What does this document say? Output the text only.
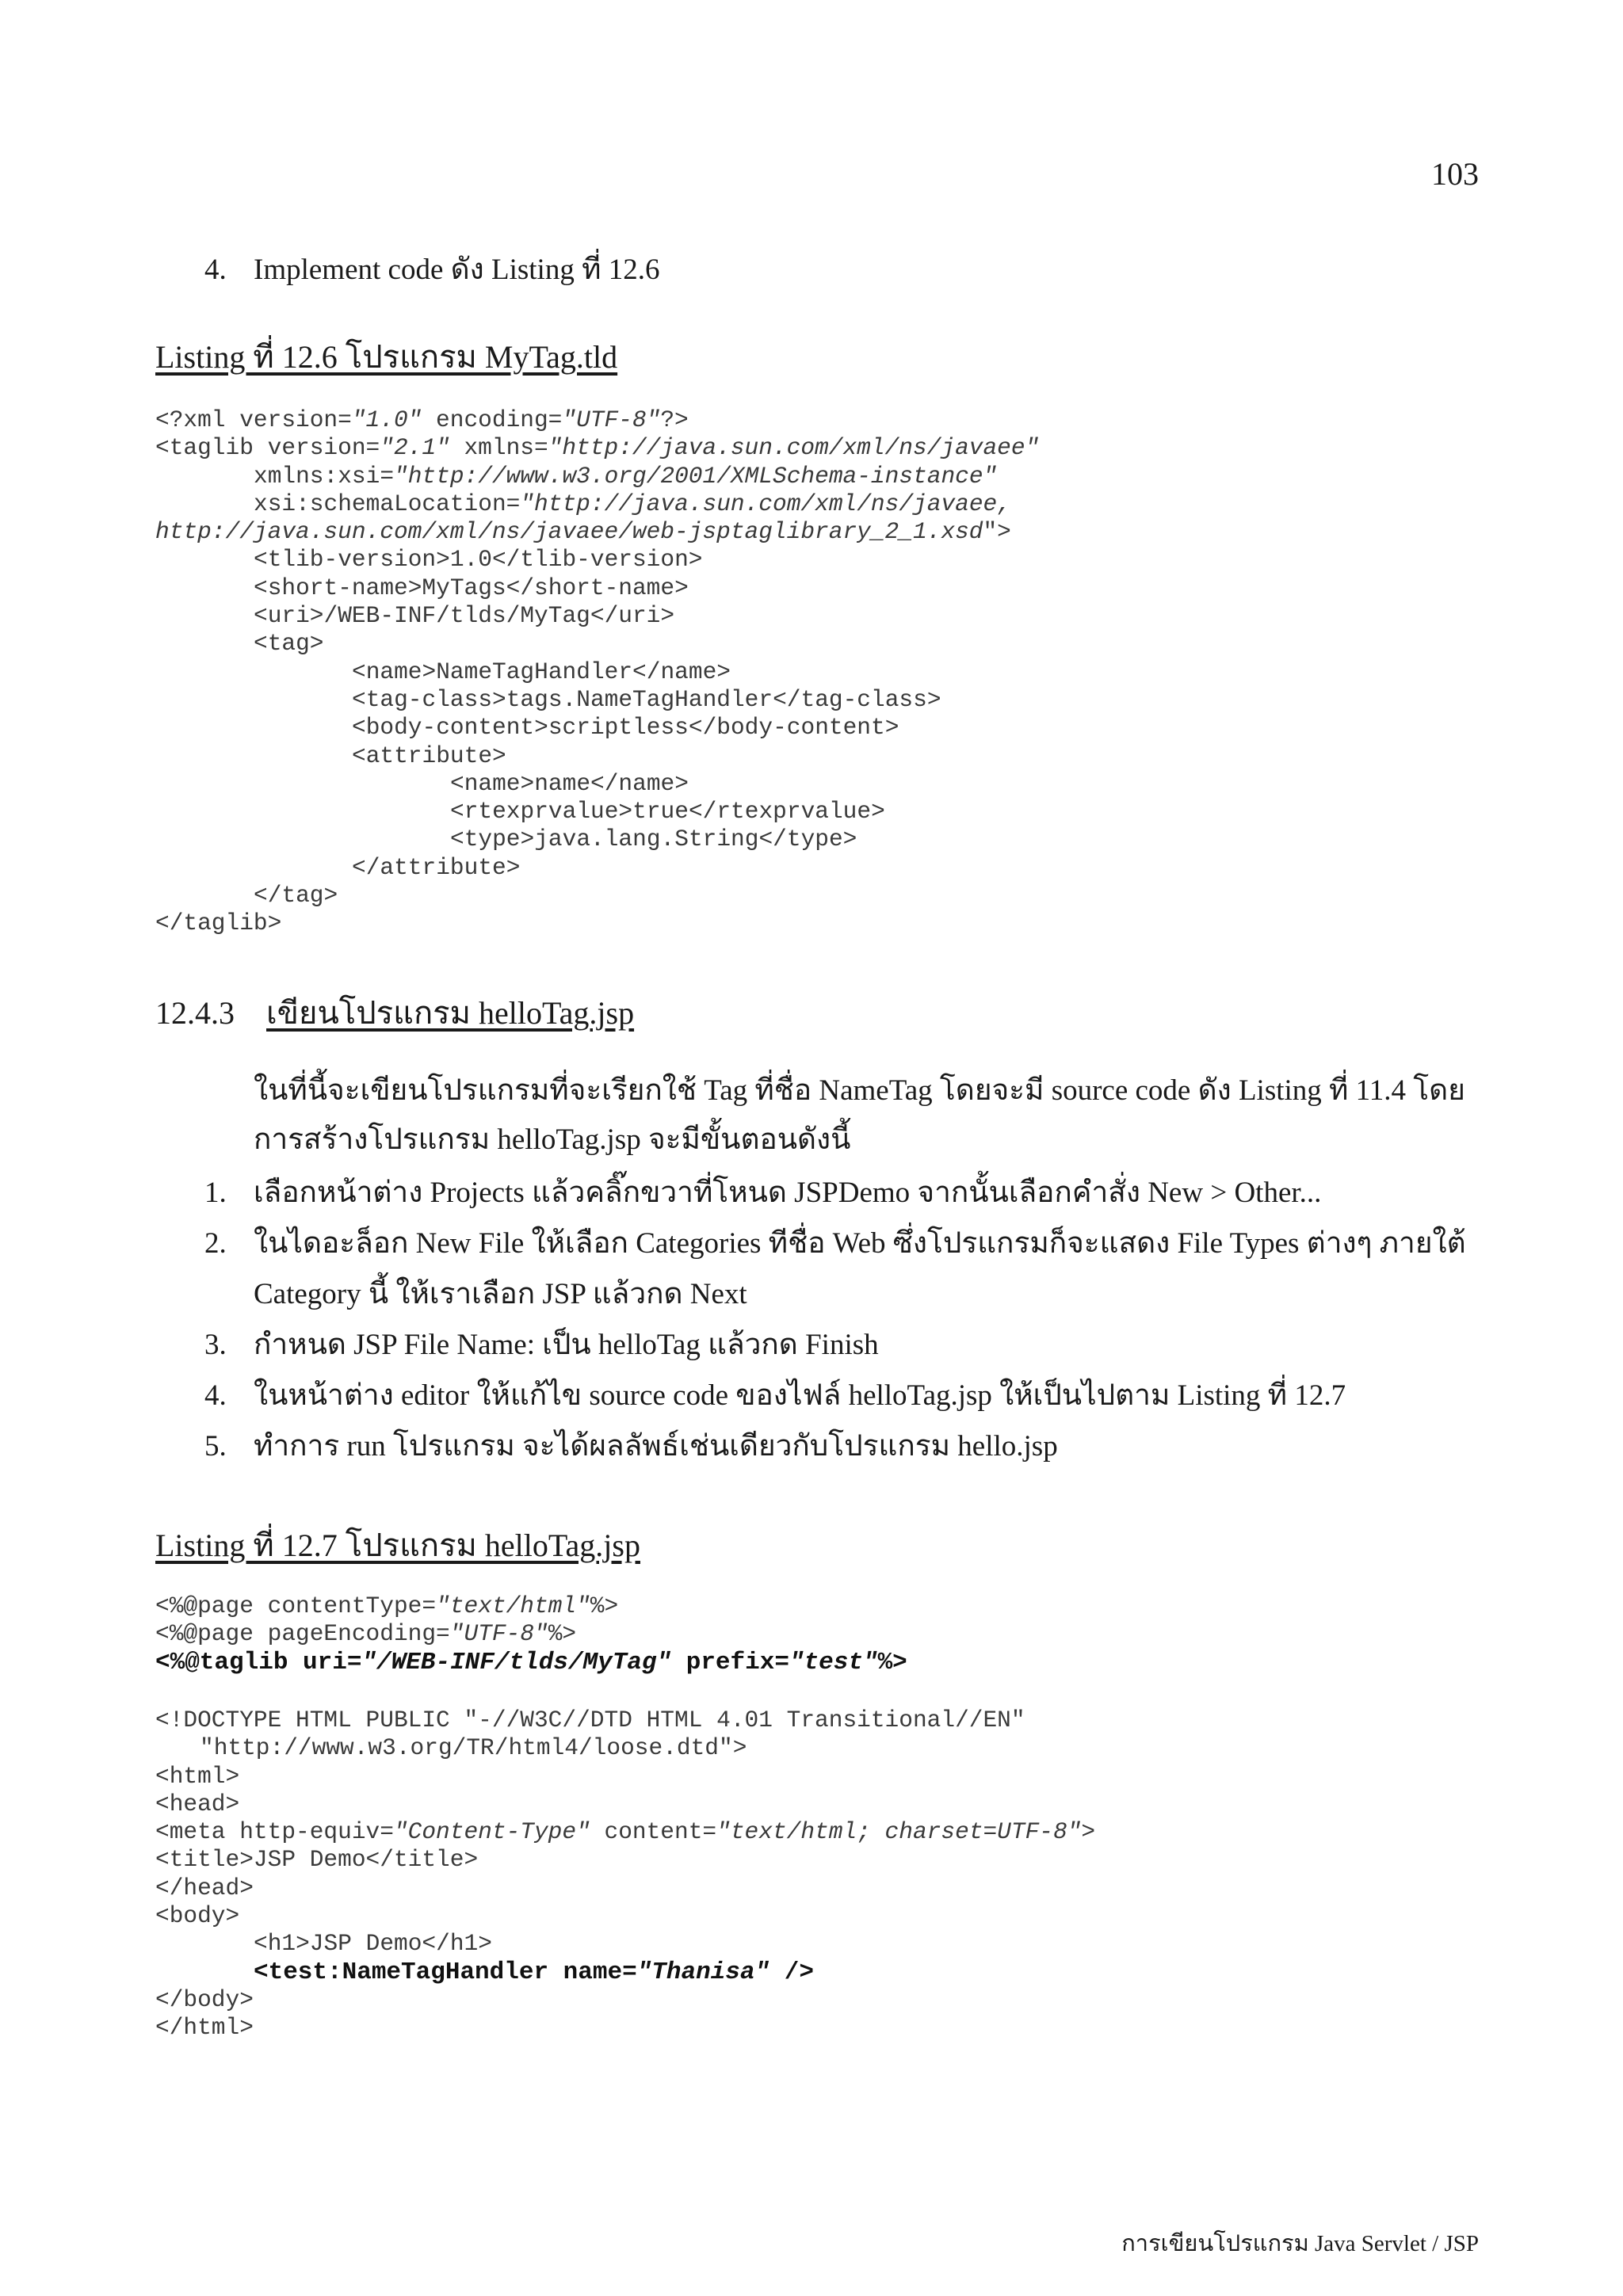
103
4. Implement code ดัง Listing ที่ 12.6
Listing ที่ 12.6 โปรแกรม MyTag.tld
<?xml version="1.0" encoding="UTF-8"?>
<taglib version="2.1" xmlns="http://java.sun.com/xml/ns/javaee"
xmlns:xsi="http://www.w3.org/2001/XMLSchema-instance"
xsi:schemaLocation="http://java.sun.com/xml/ns/javaee,
http://java.sun.com/xml/ns/javaee/web-jsptaglibrary_2_1.xsd">
<tlib-version>1.0</tlib-version>
<short-name>MyTags</short-name>
<uri>/WEB-INF/tlds/MyTag</uri>
<tag>
<name>NameTagHandler</name>
<tag-class>tags.NameTagHandler</tag-class>
<body-content>scriptless</body-content>
<attribute>
<name>name</name>
<rtexprvalue>true</rtexprvalue>
<type>java.lang.String</type>
</attribute>
</tag>
</taglib>
12.4.3 เขียนโปรแกรม helloTag.jsp
ในที่นี้จะเขียนโปรแกรมที่จะเรียกใช้ Tag ที่ชื่อ NameTag โดยจะมี source code ดัง Listing ที่ 11.4 โดยการสร้างโปรแกรม helloTag.jsp จะมีขั้นตอนดังนี้
1. เลือกหน้าต่าง Projects แล้วคลิ๊กขวาที่โหนด JSPDemo จากนั้นเลือกคำสั่ง New > Other...
2. ในไดอะล็อก New File ให้เลือก Categories ทีชื่อ Web ซึ่งโปรแกรมก็จะแสดง File Types ต่างๆ ภายใต้ Category นี้ ให้เราเลือก JSP แล้วกด Next
3. กำหนด JSP File Name: เป็น helloTag แล้วกด Finish
4. ในหน้าต่าง editor ให้แก้ไข source code ของไฟล์ helloTag.jsp ให้เป็นไปตาม Listing ที่ 12.7
5. ทำการ run โปรแกรม จะได้ผลลัพธ์เช่นเดียวกับโปรแกรม hello.jsp
Listing ที่ 12.7 โปรแกรม helloTag.jsp
<%@page contentType="text/html"%>
<%@page pageEncoding="UTF-8"%>
<%@taglib uri="/WEB-INF/tlds/MyTag" prefix="test"%>
<!DOCTYPE HTML PUBLIC "-//W3C//DTD HTML 4.01 Transitional//EN"
"http://www.w3.org/TR/html4/loose.dtd">
<html>
<head>
<meta http-equiv="Content-Type" content="text/html; charset=UTF-8">
<title>JSP Demo</title>
</head>
<body>
<h1>JSP Demo</h1>
<test:NameTagHandler name="Thanisa" />
</body>
</html>
การเขียนโปรแกรม Java Servlet / JSP
